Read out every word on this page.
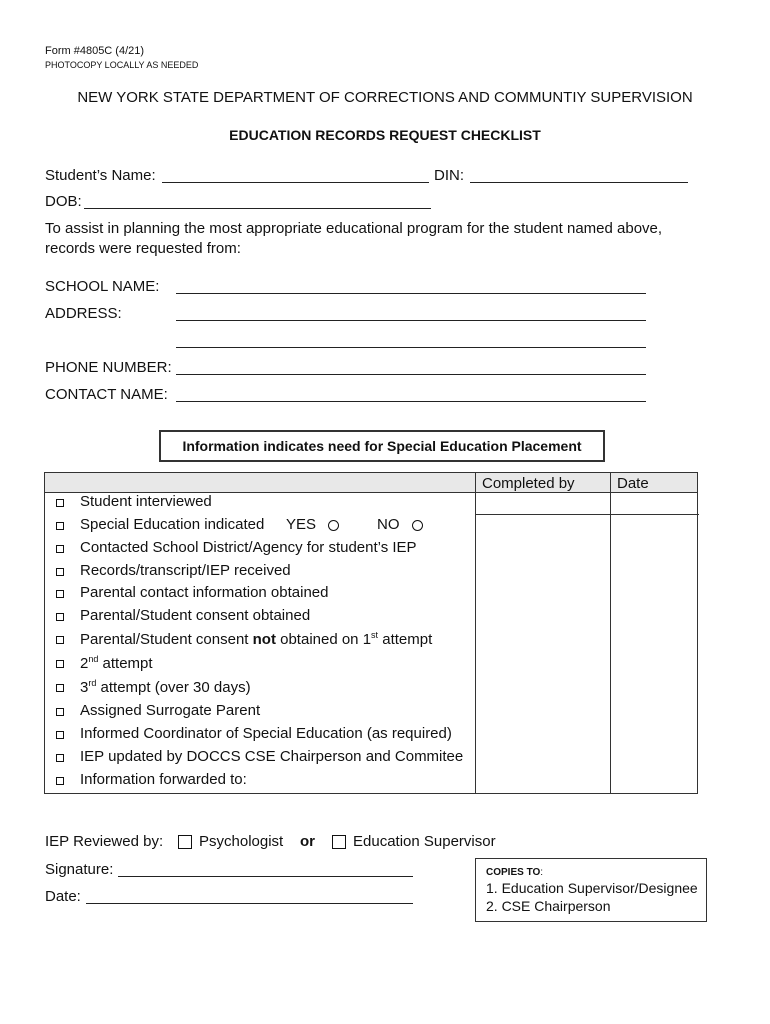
Form #4805C (4/21)
PHOTOCOPY LOCALLY AS NEEDED
NEW YORK STATE DEPARTMENT OF CORRECTIONS AND COMMUNTIY SUPERVISION
EDUCATION RECORDS REQUEST CHECKLIST
Student’s Name:	DIN:
DOB:
To assist in planning the most appropriate educational program for the student named above, records were requested from:
SCHOOL NAME:
ADDRESS:
PHONE NUMBER:
CONTACT NAME:
Information indicates need for Special Education Placement
Completed by	Date
Student interviewed
Special Education indicated YES	NO
Contacted School District/Agency for student’s IEP
Records/transcript/IEP received
Parental contact information obtained
Parental/Student consent obtained
Parental/Student consent not obtained on 1st attempt
2nd attempt
3rd attempt (over 30 days)
Assigned Surrogate Parent
Informed Coordinator of Special Education (as required)
IEP updated by DOCCS CSE Chairperson and Commitee
Information forwarded to:
IEP Reviewed by: Psychologist or	Education Supervisor
Signature:
Date:
COPIES TO:
1. Education Supervisor/Designee
2. CSE Chairperson
